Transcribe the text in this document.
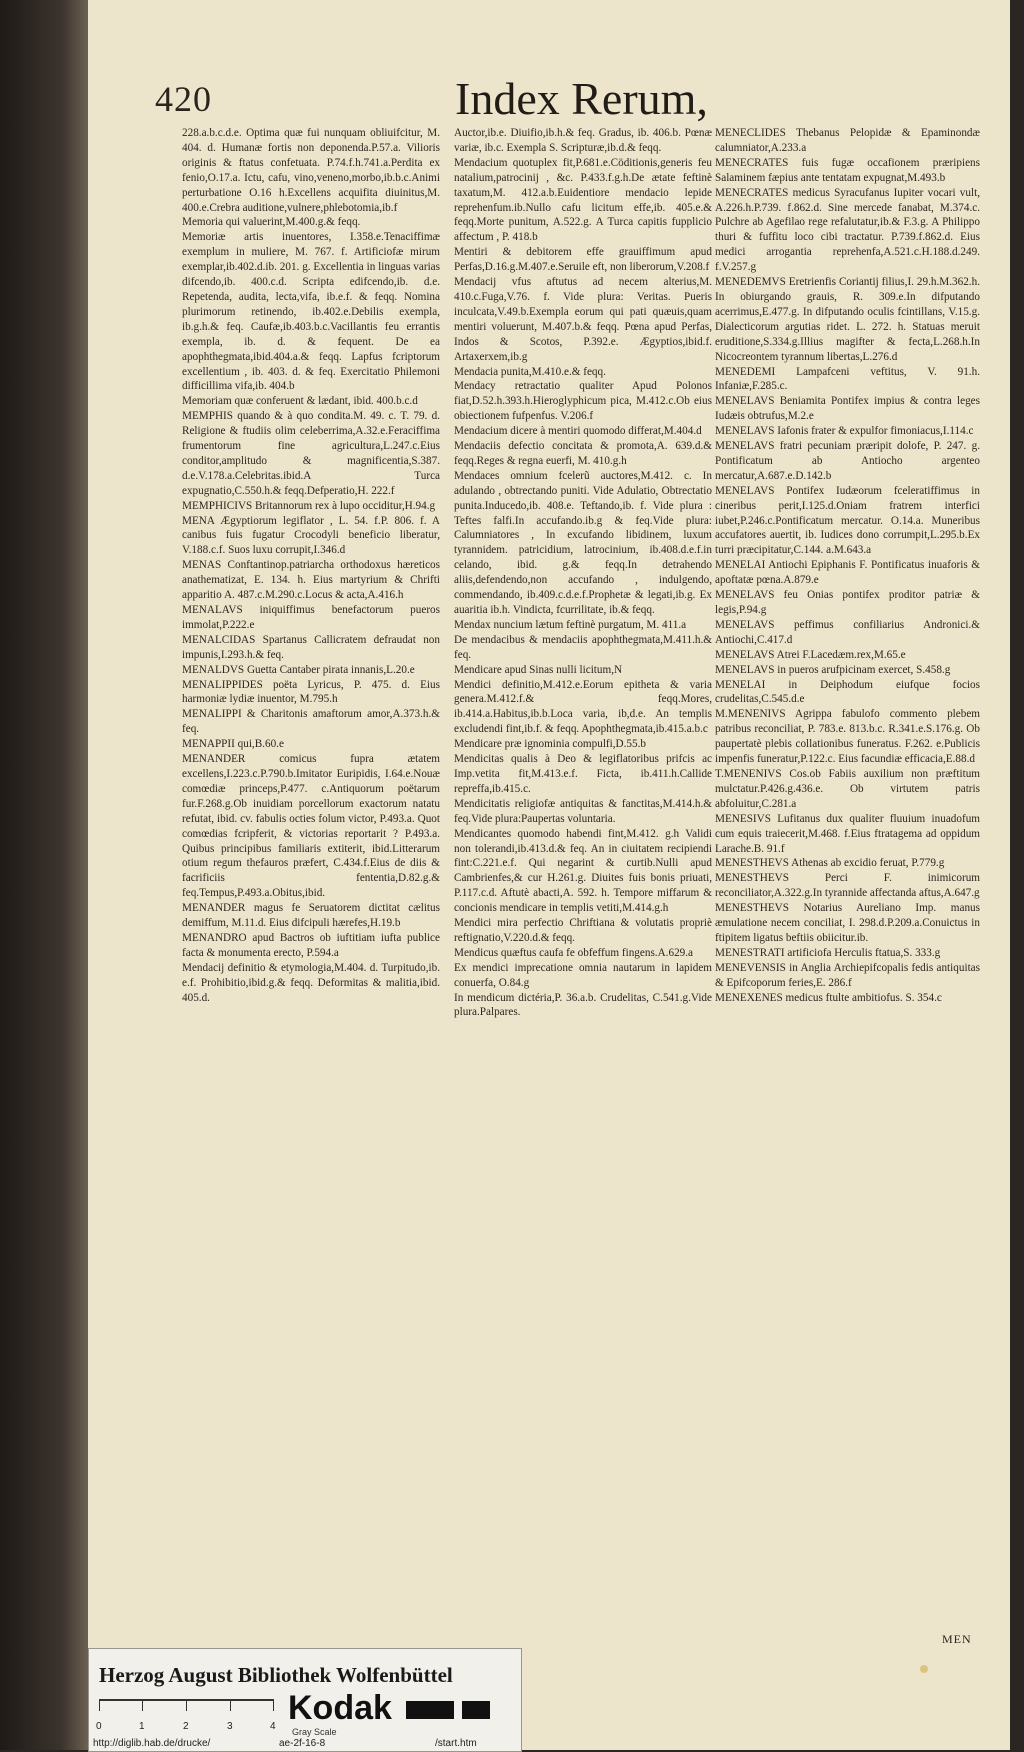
420	Index Rerum,

228.a.b.c.d.e. Optima quæ fui nunquam obliuifcitur, M. 404. d. Humanæ fortis non deponenda.P.57.a. Vilioris originis & ftatus confetuata. P.74.f.h.741.a.Perdita ex fenio,O.17.a. Ictu, cafu, vino,veneno,morbo,ib.b.c.Animi perturbatione O.16 h.Excellens acquifita diuinitus,M. 400.e.Crebra auditione,vulnere,phlebotomia,ib.f

Memoria qui valuerint,M.400.g.& feqq.

Memoriæ artis inuentores, I.358.e.Tenaciffimæ exemplum in muliere, M. 767. f. Artificiofæ mirum exemplar,ib.402.d.ib. 201. g. Excellentia in linguas varias difcendo,ib. 400.c.d. Scripta edifcendo,ib. d.e. Repetenda, audita, lecta,vifa, ib.e.f. & feqq. Nomina plurimorum retinendo, ib.402.e.Debilis exempla, ib.g.h.& feq. Caufæ,ib.403.b.c.Vacillantis feu errantis exempla, ib. d. & fequent. De ea apophthegmata,ibid.404.a.& feqq. Lapfus fcriptorum excellentium , ib. 403. d. & feq. Exercitatio Philemoni difficillima vifa,ib. 404.b

Memoriam quæ conferuent & lædant, ibid. 400.b.c.d

MEMPHIS quando & à quo condita.M. 49. c. T. 79. d. Religione & ftudiis olim celeberrima,A.32.e.Feraciffima frumentorum fine agricultura,L.247.c.Eius conditor,amplitudo & magnificentia,S.387. d.e.V.178.a.Celebritas.ibid.A Turca expugnatio,C.550.h.& feqq.Defperatio,H. 222.f

MEMPHICIVS Britannorum rex à lupo occiditur,H.94.g

MENA Ægyptiorum legiflator , L. 54. f.P. 806. f. A canibus fuis fugatur Crocodyli beneficio liberatur, V.188.c.f. Suos luxu corrupit,I.346.d

MENAS Conftantinop.patriarcha orthodoxus hæreticos anathematizat, E. 134. h. Eius martyrium & Chrifti apparitio A. 487.c.M.290.c.Locus & acta,A.416.h

MENALAVS iniquiffimus benefactorum pueros immolat,P.222.e

MENALCIDAS Spartanus Callicratem defraudat non impunis,I.293.h.& feq.

MENALDVS Guetta Cantaber pirata innanis,L.20.e

MENALIPPIDES poëta Lyricus, P. 475. d. Eius harmoniæ lydiæ inuentor, M.795.h

MENALIPPI & Charitonis amaftorum amor,A.373.h.& feq.

MENAPPII qui,B.60.e

MENANDER comicus fupra ætatem excellens,I.223.c.P.790.b.Imitator Euripidis, I.64.e.Nouæ comœdiæ princeps,P.477. c.Antiquorum poëtarum fur.F.268.g.Ob inuidiam porcellorum exactorum natatu refutat, ibid. cv. fabulis octies folum victor, P.493.a. Quot comœdias fcripferit, & victorias reportarit ? P.493.a. Quibus principibus familiaris extiterit, ibid.Litterarum otium regum thefauros præfert, C.434.f.Eius de diis & facrificiis fententia,D.82.g.& feq.Tempus,P.493.a.Obitus,ibid.

MENANDER magus fe Seruatorem dictitat cælitus demiffum, M.11.d. Eius difcipuli hærefes,H.19.b

MENANDRO apud Bactros ob iuftitiam iufta publice facta & monumenta erecto, P.594.a

Mendacij definitio & etymologia,M.404. d. Turpitudo,ib. e.f. Prohibitio,ibid.g.& feqq. Deformitas & malitia,ibid. 405.d.

Auctor,ib.e. Diuifio,ib.h.& feq. Gradus, ib. 406.b. Pœnæ variæ, ib.c. Exempla S. Scripturæ,ib.d.& feqq.

Mendacium quotuplex fit,P.681.e.Cöditionis,generis feu natalium,patrocinij , &c. P.433.f.g.h.De ætate feftinè taxatum,M. 412.a.b.Euidentiore mendacio lepide reprehenfum.ib.Nullo cafu licitum effe,ib. 405.e.& feqq.Morte punitum, A.522.g. A Turca capitis fupplicio affectum , P. 418.b

Mentiri & debitorem effe grauiffimum apud Perfas,D.16.g.M.407.e.Seruile eft, non liberorum,V.208.f

Mendacij vfus aftutus ad necem alterius,M. 410.c.Fuga,V.76. f. Vide plura: Veritas. Pueris inculcata,V.49.b.Exempla eorum qui pati quæuis,quam mentiri voluerunt, M.407.b.& feqq. Pœna apud Perfas, Indos & Scotos, P.392.e. Ægyptios,ibid.f. Artaxerxem,ib.g

Mendacia punita,M.410.e.& feqq.

Mendacy retractatio qualiter Apud Polonos fiat,D.52.h.393.h.Hieroglyphicum pica, M.412.c.Ob eius obiectionem fufpenfus. V.206.f

Mendacium dicere à mentiri quomodo differat,M.404.d

Mendaciis defectio concitata & promota,A. 639.d.& feqq.Reges & regna euerfi, M. 410.g.h

Mendaces omnium fcelerũ auctores,M.412. c. In adulando , obtrectando puniti. Vide Adulatio, Obtrectatio punita.Inducedo,ib. 408.e. Teftando,ib. f. Vide plura : Teftes falfi.In accufando.ib.g & feq.Vide plura: Calumniatores , In excufando libidinem, luxum tyrannidem. patricidium, latrocinium, ib.408.d.e.f.in celando, ibid. g.& feqq.In detrahendo aliis,defendendo,non accufando , indulgendo, commendando, ib.409.c.d.e.f.Prophetæ & legati,ib.g. Ex auaritia ib.h. Vindicta, fcurrilitate, ib.& feqq.

Mendax nuncium lætum feftinè purgatum, M. 411.a

De mendacibus & mendaciis apophthegmata,M.411.h.& feq.

Mendicare apud Sinas nulli licitum,N

Mendici definitio,M.412.e.Eorum epitheta & varia genera.M.412.f.& feqq.Mores, ib.414.a.Habitus,ib.b.Loca varia, ib,d.e. An templis excludendi fint,ib.f. & feqq. Apophthegmata,ib.415.a.b.c

Mendicare præ ignominia compulfi,D.55.b

Mendicitas qualis à Deo & legiflatoribus prifcis ac Imp.vetita fit,M.413.e.f. Ficta, ib.411.h.Callide repreffa,ib.415.c.

Mendicitatis religiofæ antiquitas & fanctitas,M.414.h.& feq.Vide plura:Paupertas voluntaria.

Mendicantes quomodo habendi fint,M.412. g.h Validi non tolerandi,ib.413.d.& feq. An in ciuitatem recipiendi fint:C.221.e.f. Qui negarint & curtib.Nulli apud Cambrienfes,& cur H.261.g. Diuites fuis bonis priuati, P.117.c.d. Aftutè abacti,A. 592. h. Tempore miffarum & concionis mendicare in templis vetiti,M.414.g.h

Mendici mira perfectio Chriftiana & volutatis propriè reftignatio,V.220.d.& feqq.

Mendicus quæftus caufa fe obfeffum fingens.A.629.a

Ex mendici imprecatione omnia nautarum in lapidem conuerfa, O.84.g

In mendicum dictéria,P. 36.a.b. Crudelitas, C.541.g.Vide plura.Palpares.

MENECLIDES Thebanus Pelopidæ & Epaminondæ calumniator,A.233.a

MENECRATES fuis fugæ occafionem præripiens Salaminem fæpius ante tentatam expugnat,M.493.b

MENECRATES medicus Syracufanus Iupiter vocari vult, A.226.h.P.739. f.862.d. Sine mercede fanabat, M.374.c. Pulchre ab Agefilao rege refalutatur,ib.& F.3.g. A Philippo thuri & fuffitu loco cibi tractatur. P.739.f.862.d. Eius medici arrogantia reprehenfa,A.521.c.H.188.d.249. f.V.257.g

MENEDEMVS Eretrienfis Coriantij filius,I. 29.h.M.362.h. In obiurgando grauis, R. 309.e.In difputando acerrimus,E.477.g. In difputando oculis fcintillans, V.15.g. Dialecticorum argutias ridet. L. 272. h. Statuas meruit eruditione,S.334.g.Illius magifter & fecta,L.268.h.In Nicocreontem tyrannum libertas,L.276.d

MENEDEMI Lampafceni veftitus, V. 91.h. Infaniæ,F.285.c.

MENELAVS Beniamita Pontifex impius & contra leges Iudæis obtrufus,M.2.e

MENELAVS Iafonis frater & expulfor fimoniacus,I.114.c

MENELAVS fratri pecuniam præripit dolofe, P. 247. g. Pontificatum ab Antiocho argenteo mercatur,A.687.e.D.142.b

MENELAVS Pontifex Iudæorum fceleratiffimus in cineribus perit,I.125.d.Oniam fratrem interfici iubet,P.246.c.Pontificatum mercatur. O.14.a. Muneribus accufatores auertit, ib. Iudices dono corrumpit,L.295.b.Ex turri præcipitatur,C.144. a.M.643.a

MENELAI Antiochi Epiphanis F. Pontificatus inuaforis & apoftatæ pœna.A.879.e

MENELAVS feu Onias pontifex proditor patriæ & legis,P.94.g

MENELAVS peffimus confiliarius Andronici.& Antiochi,C.417.d

MENELAVS Atrei F.Lacedæm.rex,M.65.e

MENELAVS in pueros arufpicinam exercet, S.458.g

MENELAI in Deiphodum eiufque focios crudelitas,C.545.d.e

M.MENENIVS Agrippa fabulofo commento plebem patribus reconciliat, P. 783.e. 813.b.c. R.341.e.S.176.g. Ob paupertatè plebis collationibus funeratus. F.262. e.Publicis impenfis funeratur,P.122.c. Eius facundiæ efficacia,E.88.d

T.MENENIVS Cos.ob Fabiis auxilium non præftitum mulctatur.P.426.g.436.e. Ob virtutem patris abfoluitur,C.281.a

MENESIVS Lufitanus dux qualiter fluuium inuadofum cum equis traiecerit,M.468. f.Eius ftratagema ad oppidum Larache.B. 91.f

MENESTHEVS Athenas ab excidio feruat, P.779.g

MENESTHEVS Perci F. inimicorum reconciliator,A.322.g.In tyrannide affectanda aftus,A.647.g

MENESTHEVS Notarius Aureliano Imp. manus æmulatione necem conciliat, I. 298.d.P.209.a.Conuictus in ftipitem ligatus beftiis obiicitur.ib.

MENESTRATI artificiofa Herculis ftatua,S. 333.g

MENEVENSIS in Anglia Archiepifcopalis fedis antiquitas & Epifcoporum feries,E. 286.f

MENEXENES medicus ftulte ambitiofus. S. 354.c

MEN
Herzog August Bibliothek Wolfenbüttel
0	1	2	3	4 Kodak
Gray Scale
http://diglib.hab.de/drucke/	ae-2f-16-8	/start.htm
